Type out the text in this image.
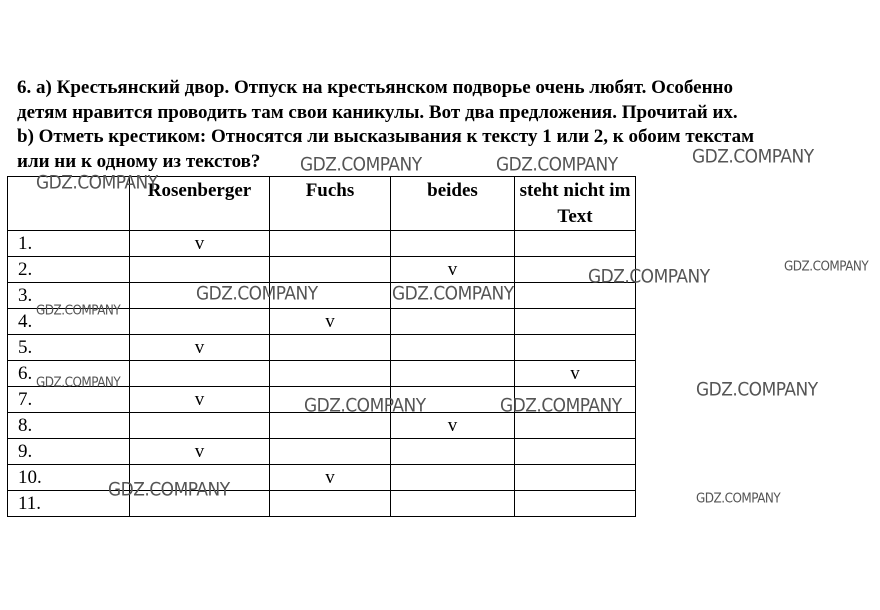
6. a) Крестьянский двор. Отпуск на крестьянском подворье очень любят. Особенно

детям нравится проводить там свои каникулы. Вот два предложения. Прочитай их.

b) Отметь крестиком: Относятся ли высказывания к тексту 1 или 2, к обоим текстам

или ни к одному из текстов?

	Rosenberger	Fuchs	beides	steht nicht im Text
1.	v			
2.			v	
3.				
4.		v		
5.	v			
6.				v
7.	v			
8.			v	
9.	v			
10.		v		
11.				
GDZ.COMPANY	GDZ.COMPANY	GDZ.COMPANY
GDZ.COMPANY
GDZ.COMPANY
GDZ.COMPANY
GDZ.COMPANY	GDZ.COMPANY
GDZ.COMPANY
GDZ.COMPANY	GDZ.COMPANY
GDZ.COMPANY	GDZ.COMPANY
GDZ.COMPANY	GDZ.COMPANY
